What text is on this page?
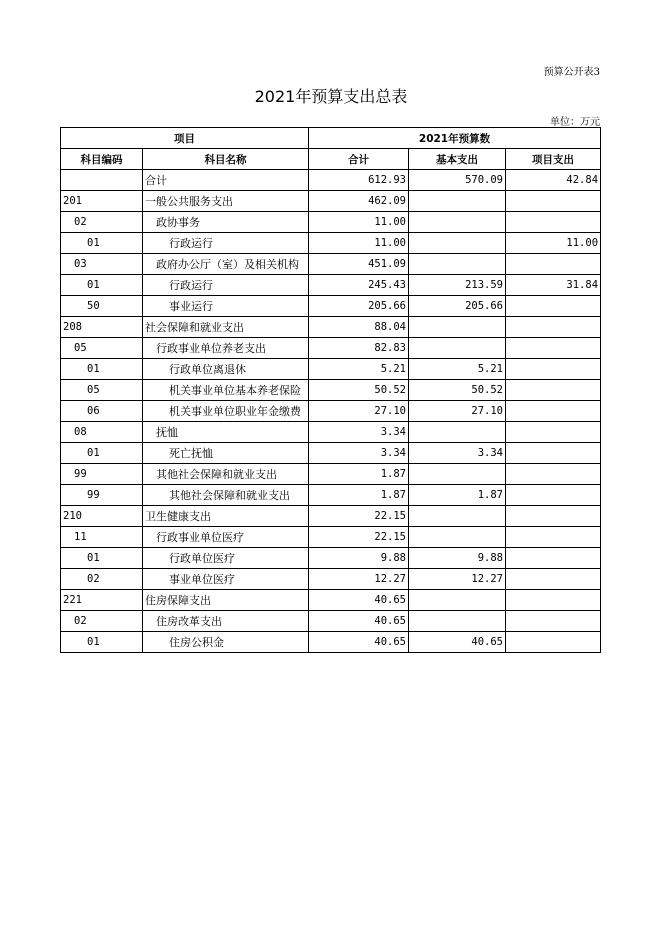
预算公开表3
2021年预算支出总表
单位：万元
项目		2021年预算数		
科目编码	科目名称	合计	基本支出	项目支出
	合计	612.93	570.09	42.84
201	一般公共服务支出	462.09		
02	政协事务	11.00		
01	行政运行	11.00		11.00
03	政府办公厅（室）及相关机构	451.09		
01	行政运行	245.43	213.59	31.84
50	事业运行	205.66	205.66	
208	社会保障和就业支出	88.04		
05	行政事业单位养老支出	82.83		
01	行政单位离退休	5.21	5.21	
05	机关事业单位基本养老保险	50.52	50.52	
06	机关事业单位职业年金缴费	27.10	27.10	
08	抚恤	3.34		
01	死亡抚恤	3.34	3.34	
99	其他社会保障和就业支出	1.87		
99	其他社会保障和就业支出	1.87	1.87	
210	卫生健康支出	22.15		
11	行政事业单位医疗	22.15		
01	行政单位医疗	9.88	9.88	
02	事业单位医疗	12.27	12.27	
221	住房保障支出	40.65		
02	住房改革支出	40.65		
01	住房公积金	40.65	40.65	
